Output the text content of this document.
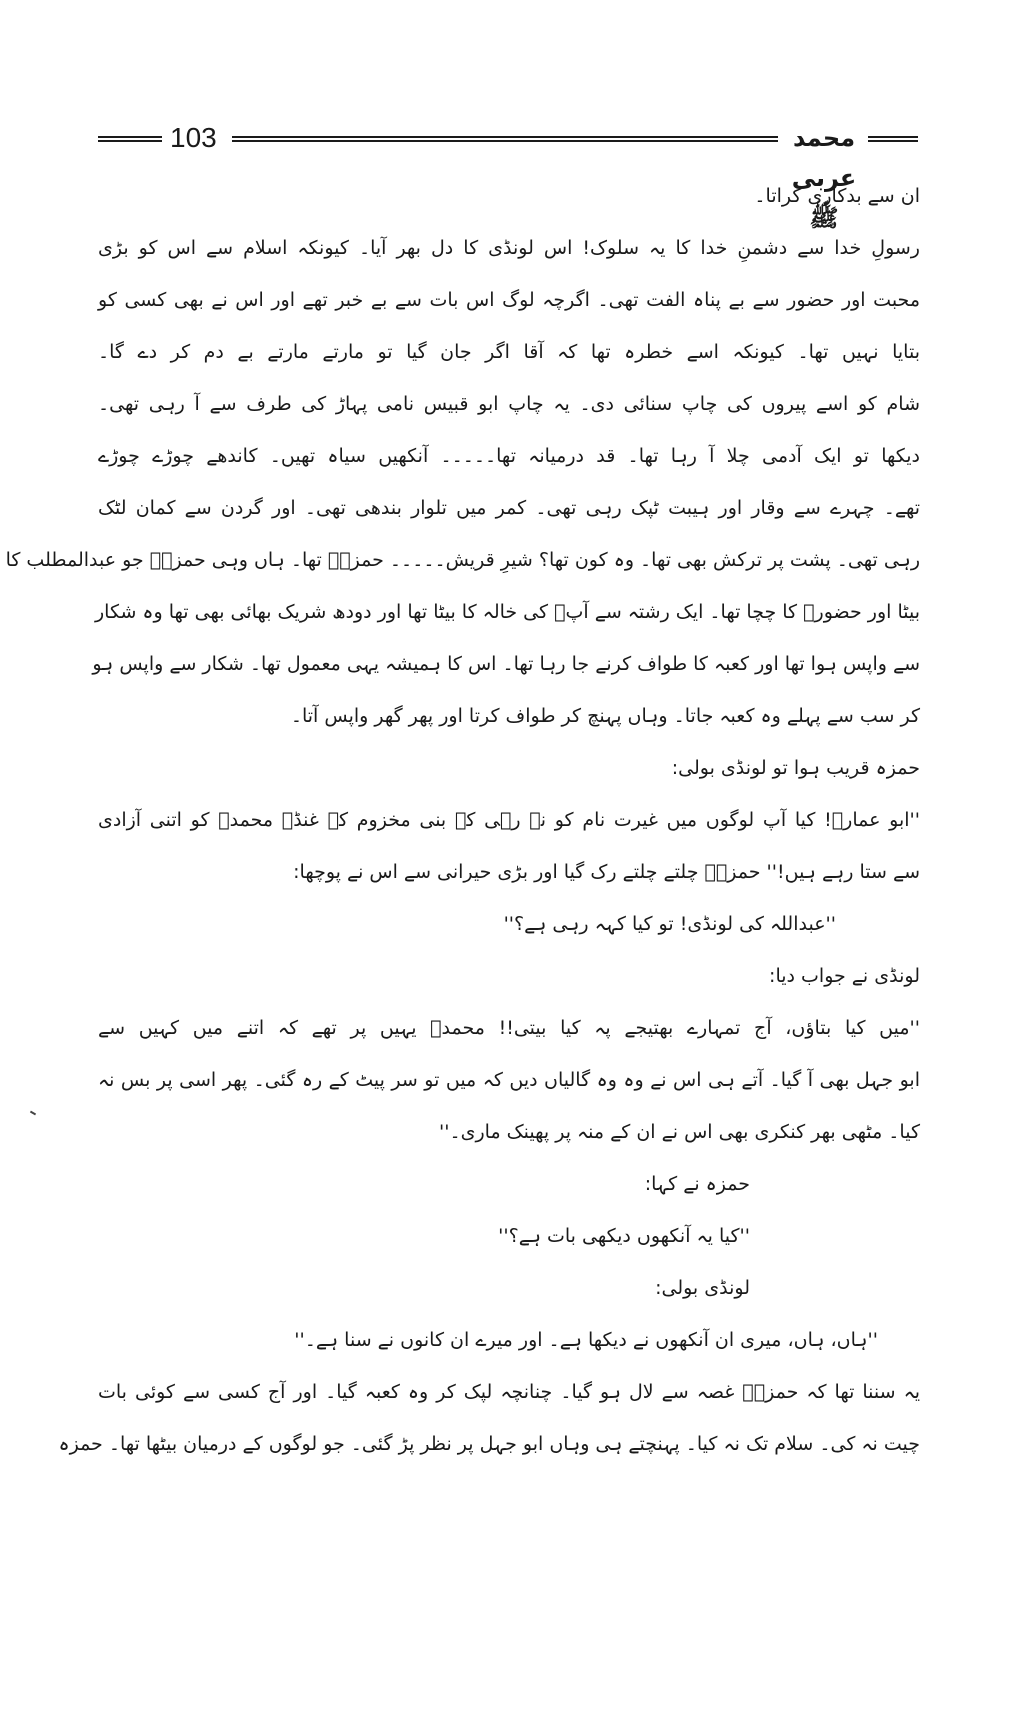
103	محمد عربی ﷺ
ان سے بدکاری کراتا۔
رسولِ خدا سے دشمنِ خدا کا یہ سلوک! اس لونڈی کا دل بھر آیا۔ کیونکہ اسلام سے اس کو بڑی
محبت اور حضور سے بے پناہ الفت تھی۔ اگرچہ لوگ اس بات سے بے خبر تھے اور اس نے بھی کسی کو
بتایا نہیں تھا۔ کیونکہ اسے خطرہ تھا کہ آقا اگر جان گیا تو مارتے مارتے بے دم کر دے گا۔
شام کو اسے پیروں کی چاپ سنائی دی۔ یہ چاپ ابو قبیس نامی پہاڑ کی طرف سے آ رہی تھی۔
دیکھا تو ایک آدمی چلا آ رہا تھا۔ قد درمیانہ تھا۔۔۔۔۔ آنکھیں سیاہ تھیں۔ کاندھے چوڑے چوڑے
تھے۔ چہرے سے وقار اور ہیبت ٹپک رہی تھی۔ کمر میں تلوار بندھی تھی۔ اور گردن سے کمان لٹک
رہی تھی۔ پشت پر ترکش بھی تھا۔ وہ کون تھا؟ شیرِ قریش۔۔۔۔۔ حمزہؓ تھا۔ ہاں وہی حمزہؓ جو عبدالمطلب کا
بیٹا اور حضورؐ کا چچا تھا۔ ایک رشتہ سے آپؐ کی خالہ کا بیٹا تھا اور دودھ شریک بھائی بھی تھا وہ شکار
سے واپس ہوا تھا اور کعبہ کا طواف کرنے جا رہا تھا۔ اس کا ہمیشہ یہی معمول تھا۔ شکار سے واپس ہو
کر سب سے پہلے وہ کعبہ جاتا۔ وہاں پہنچ کر طواف کرتا اور پھر گھر واپس آتا۔
حمزہ قریب ہوا تو لونڈی بولی:
''ابو عمارہ! کیا آپ لوگوں میں غیرت نام کو نہ رہی کہ بنی مخزوم کے غنڈے محمدؐ کو اتنی آزادی
سے ستا رہے ہیں!'' حمزہؓ چلتے چلتے رک گیا اور بڑی حیرانی سے اس نے پوچھا:
''عبداللہ کی لونڈی! تو کیا کہہ رہی ہے؟''
لونڈی نے جواب دیا:
''میں کیا بتاؤں، آج تمہارے بھتیجے پہ کیا بیتی!! محمدؐ یہیں پر تھے کہ اتنے میں کہیں سے
ابو جہل بھی آ گیا۔ آتے ہی اس نے وہ وہ گالیاں دیں کہ میں تو سر پیٹ کے رہ گئی۔ پھر اسی پر بس نہ
کیا۔ مٹھی بھر کنکری بھی اس نے ان کے منہ پر پھینک ماری۔''
حمزہ نے کہا:
''کیا یہ آنکھوں دیکھی بات ہے؟''
لونڈی بولی:
''ہاں، ہاں، میری ان آنکھوں نے دیکھا ہے۔ اور میرے ان کانوں نے سنا ہے۔''
یہ سننا تھا کہ حمزہؓ غصہ سے لال ہو گیا۔ چنانچہ لپک کر وہ کعبہ گیا۔ اور آج کسی سے کوئی بات
چیت نہ کی۔ سلام تک نہ کیا۔ پہنچتے ہی وہاں ابو جہل پر نظر پڑ گئی۔ جو لوگوں کے درمیان بیٹھا تھا۔ حمزہ
